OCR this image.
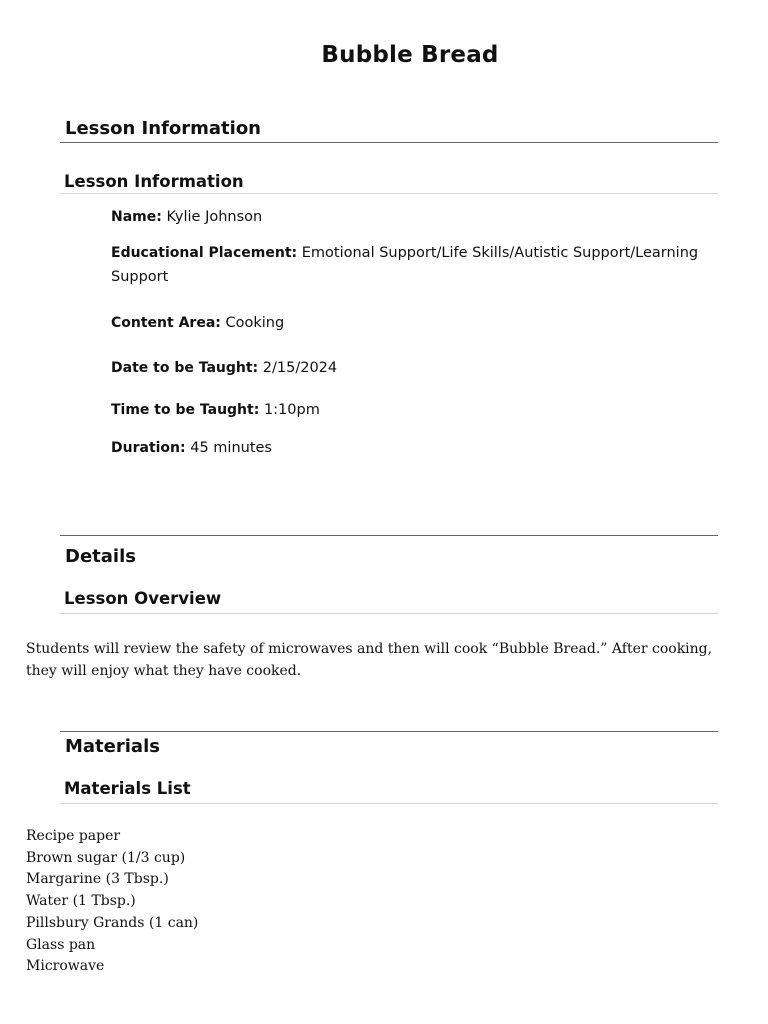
Bubble Bread
Lesson Information
Lesson Information
Name: Kylie Johnson
Educational Placement: Emotional Support/Life Skills/Autistic Support/Learning Support
Content Area: Cooking
Date to be Taught: 2/15/2024
Time to be Taught: 1:10pm
Duration: 45 minutes
Details
Lesson Overview
Students will review the safety of microwaves and then will cook “Bubble Bread.” After cooking, they will enjoy what they have cooked.
Materials
Materials List
Recipe paper
Brown sugar (1/3 cup)
Margarine (3 Tbsp.)
Water (1 Tbsp.)
Pillsbury Grands (1 can)
Glass pan
Microwave
